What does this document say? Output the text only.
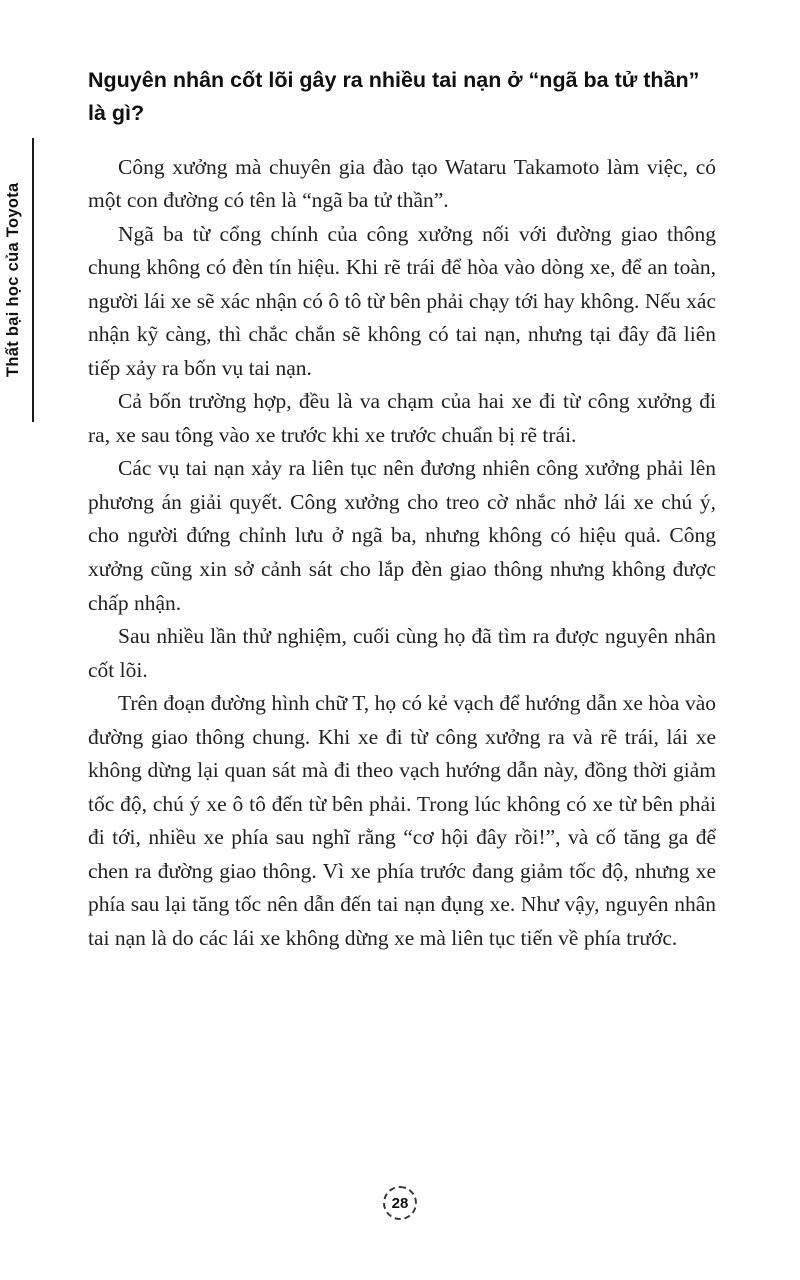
Thất bại học của Toyota
Nguyên nhân cốt lõi gây ra nhiều tai nạn ở “ngã ba tử thần” là gì?

Công xưởng mà chuyên gia đào tạo Wataru Takamoto làm việc, có một con đường có tên là “ngã ba tử thần”.

Ngã ba từ cổng chính của công xưởng nối với đường giao thông chung không có đèn tín hiệu. Khi rẽ trái để hòa vào dòng xe, để an toàn, người lái xe sẽ xác nhận có ô tô từ bên phải chạy tới hay không. Nếu xác nhận kỹ càng, thì chắc chắn sẽ không có tai nạn, nhưng tại đây đã liên tiếp xảy ra bốn vụ tai nạn.

Cả bốn trường hợp, đều là va chạm của hai xe đi từ công xưởng đi ra, xe sau tông vào xe trước khi xe trước chuẩn bị rẽ trái.

Các vụ tai nạn xảy ra liên tục nên đương nhiên công xưởng phải lên phương án giải quyết. Công xưởng cho treo cờ nhắc nhở lái xe chú ý, cho người đứng chỉnh lưu ở ngã ba, nhưng không có hiệu quả. Công xưởng cũng xin sở cảnh sát cho lắp đèn giao thông nhưng không được chấp nhận.

Sau nhiều lần thử nghiệm, cuối cùng họ đã tìm ra được nguyên nhân cốt lõi.

Trên đoạn đường hình chữ T, họ có kẻ vạch để hướng dẫn xe hòa vào đường giao thông chung. Khi xe đi từ công xưởng ra và rẽ trái, lái xe không dừng lại quan sát mà đi theo vạch hướng dẫn này, đồng thời giảm tốc độ, chú ý xe ô tô đến từ bên phải. Trong lúc không có xe từ bên phải đi tới, nhiều xe phía sau nghĩ rằng “cơ hội đây rồi!”, và cố tăng ga để chen ra đường giao thông. Vì xe phía trước đang giảm tốc độ, nhưng xe phía sau lại tăng tốc nên dẫn đến tai nạn đụng xe. Như vậy, nguyên nhân tai nạn là do các lái xe không dừng xe mà liên tục tiến về phía trước.

28
